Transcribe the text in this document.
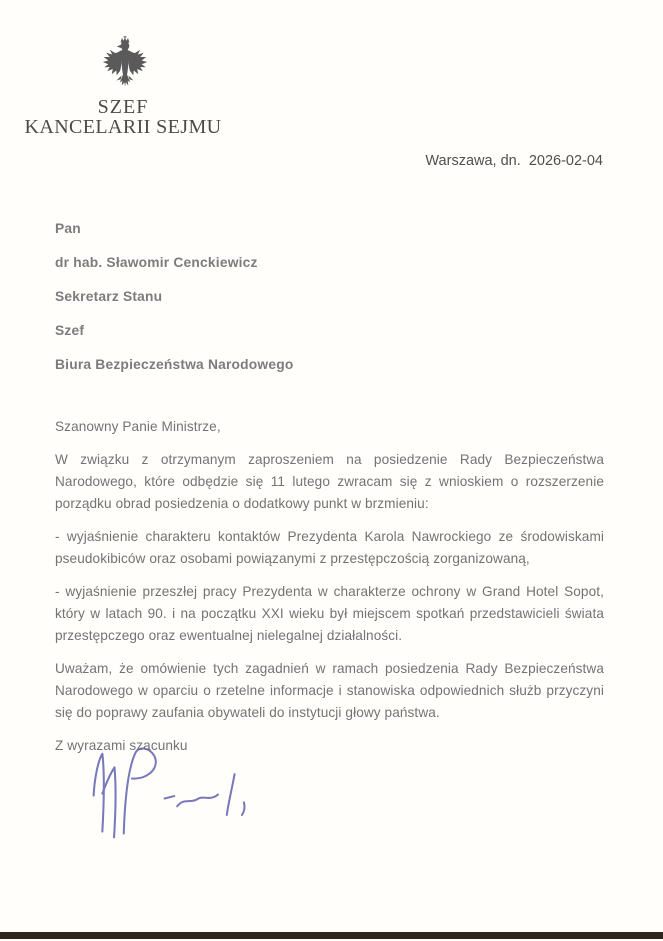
SZEF
KANCELARII SEJMU
Warszawa, dn.  2026-02-04
Pan
dr hab. Sławomir Cenckiewicz
Sekretarz Stanu
Szef
Biura Bezpieczeństwa Narodowego

Szanowny Panie Ministrze,

W związku z otrzymanym zaproszeniem na posiedzenie Rady Bezpieczeństwa Narodowego, które odbędzie się 11 lutego zwracam się z wnioskiem o rozszerzenie porządku obrad posiedzenia o dodatkowy punkt w brzmieniu:

- wyjaśnienie charakteru kontaktów Prezydenta Karola Nawrockiego ze środowiskami pseudokibiców oraz osobami powiązanymi z przestępczością zorganizowaną,

- wyjaśnienie przeszłej pracy Prezydenta w charakterze ochrony w Grand Hotel Sopot, który w latach 90. i na początku XXI wieku był miejscem spotkań przedstawicieli świata przestępczego oraz ewentualnej nielegalnej działalności.

Uważam, że omówienie tych zagadnień w ramach posiedzenia Rady Bezpieczeństwa Narodowego w oparciu o rzetelne informacje i stanowiska odpowiednich służb przyczyni się do poprawy zaufania obywateli do instytucji głowy państwa.

Z wyrazami szacunku
